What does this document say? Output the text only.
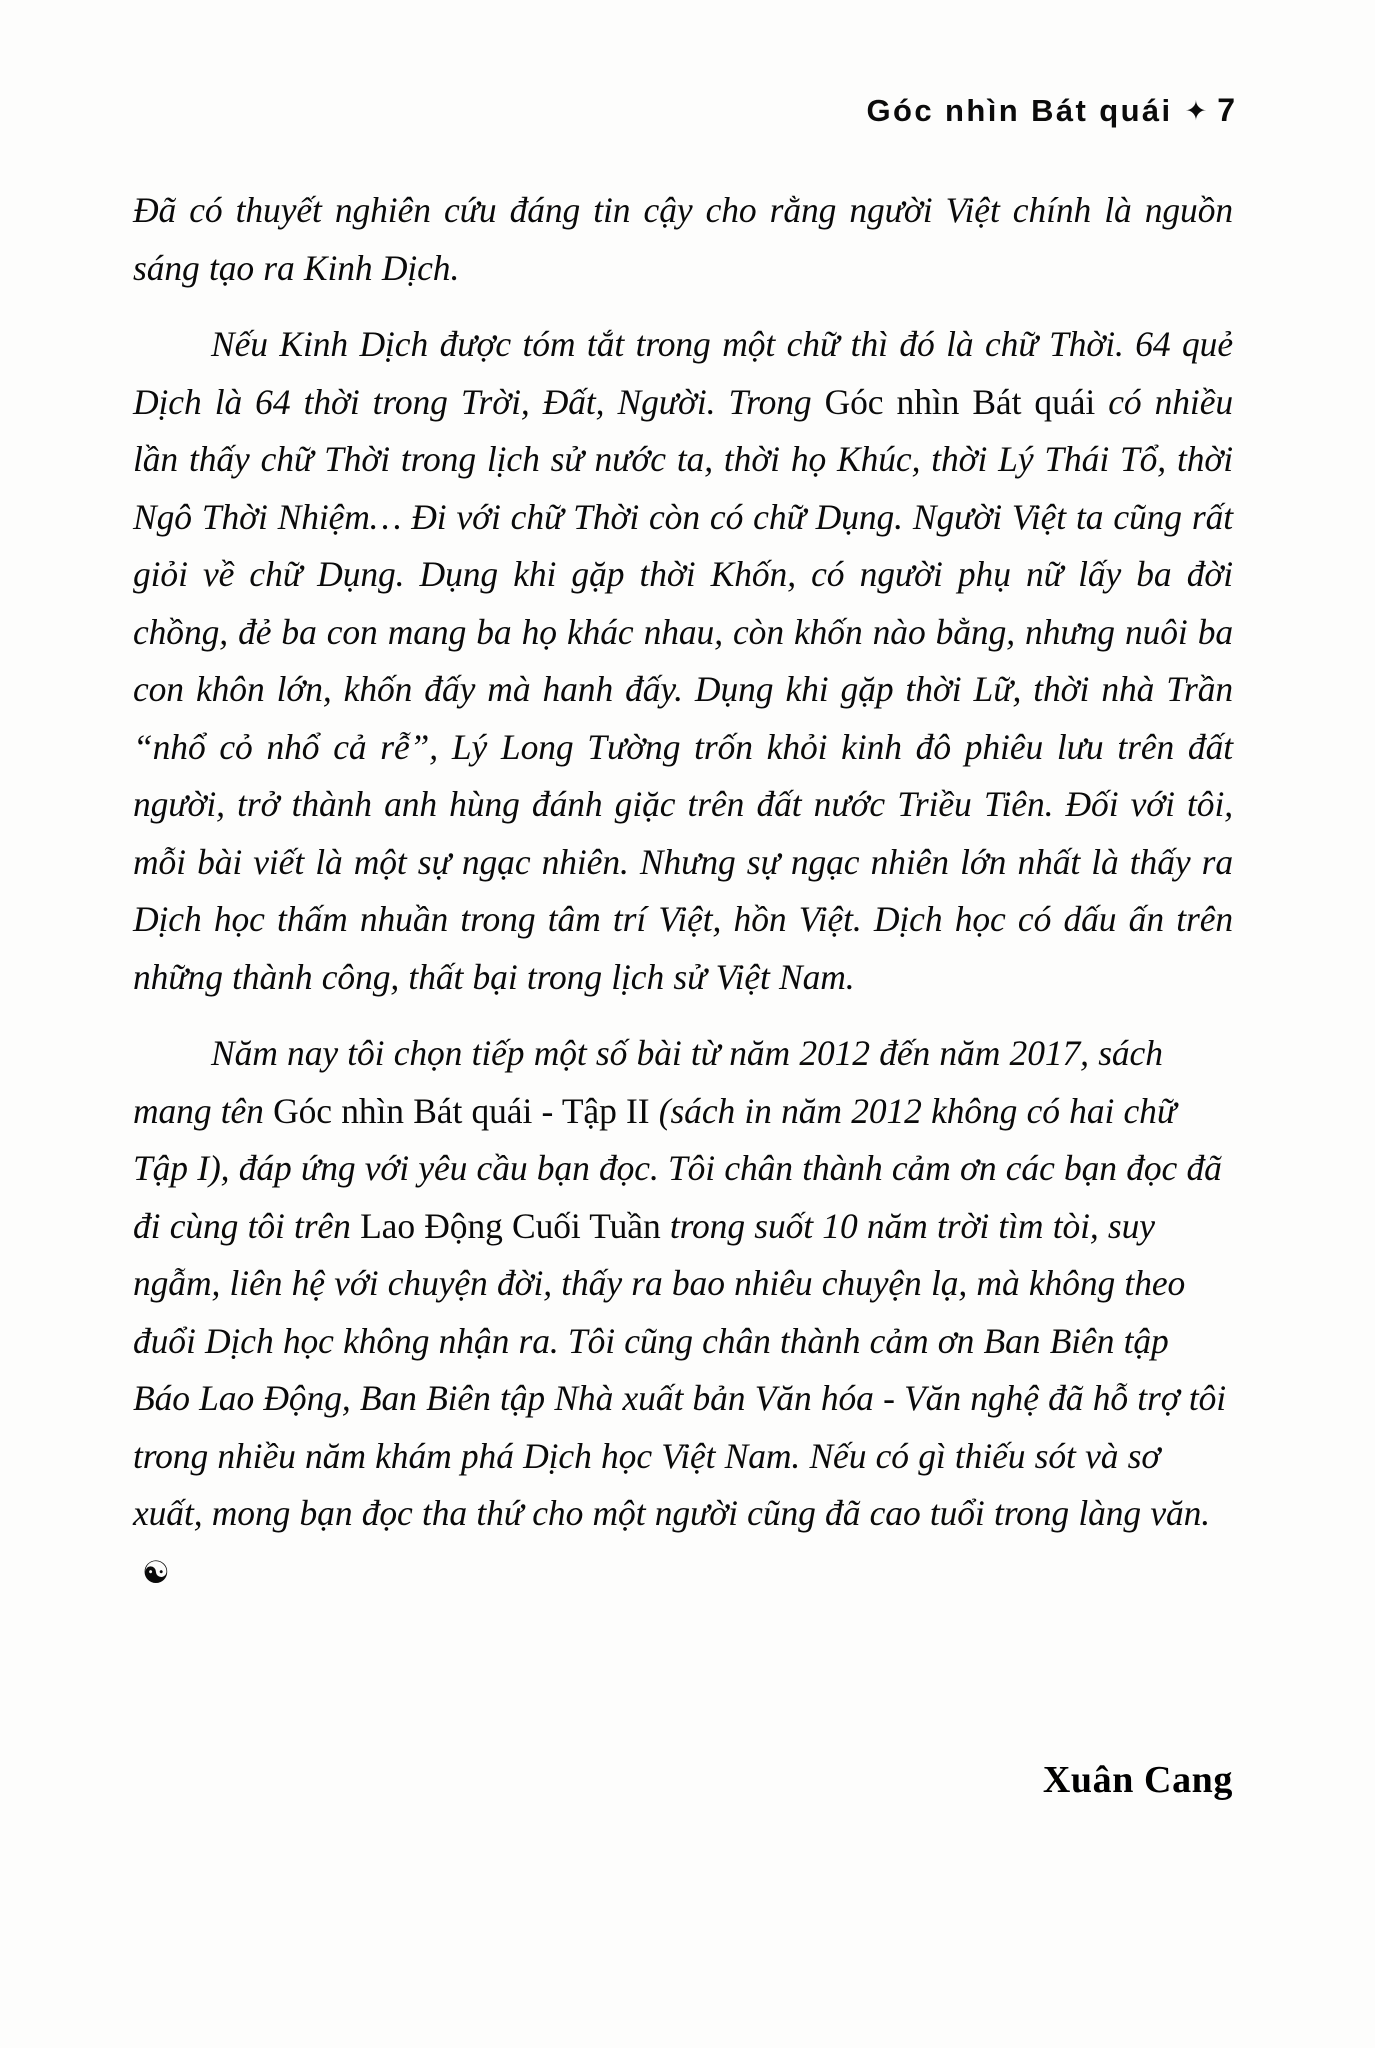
Góc nhìn Bát quái ✦ 7

Đã có thuyết nghiên cứu đáng tin cậy cho rằng người Việt chính là nguồn sáng tạo ra Kinh Dịch.

Nếu Kinh Dịch được tóm tắt trong một chữ thì đó là chữ Thời. 64 quẻ Dịch là 64 thời trong Trời, Đất, Người. Trong Góc nhìn Bát quái có nhiều lần thấy chữ Thời trong lịch sử nước ta, thời họ Khúc, thời Lý Thái Tổ, thời Ngô Thời Nhiệm… Đi với chữ Thời còn có chữ Dụng. Người Việt ta cũng rất giỏi về chữ Dụng. Dụng khi gặp thời Khốn, có người phụ nữ lấy ba đời chồng, đẻ ba con mang ba họ khác nhau, còn khốn nào bằng, nhưng nuôi ba con khôn lớn, khốn đấy mà hanh đấy. Dụng khi gặp thời Lữ, thời nhà Trần “nhổ cỏ nhổ cả rễ”, Lý Long Tường trốn khỏi kinh đô phiêu lưu trên đất người, trở thành anh hùng đánh giặc trên đất nước Triều Tiên. Đối với tôi, mỗi bài viết là một sự ngạc nhiên. Nhưng sự ngạc nhiên lớn nhất là thấy ra Dịch học thấm nhuần trong tâm trí Việt, hồn Việt. Dịch học có dấu ấn trên những thành công, thất bại trong lịch sử Việt Nam.

Năm nay tôi chọn tiếp một số bài từ năm 2012 đến năm 2017, sách mang tên Góc nhìn Bát quái - Tập II (sách in năm 2012 không có hai chữ Tập I), đáp ứng với yêu cầu bạn đọc. Tôi chân thành cảm ơn các bạn đọc đã đi cùng tôi trên Lao Động Cuối Tuần trong suốt 10 năm trời tìm tòi, suy ngẫm, liên hệ với chuyện đời, thấy ra bao nhiêu chuyện lạ, mà không theo đuổi Dịch học không nhận ra. Tôi cũng chân thành cảm ơn Ban Biên tập Báo Lao Động, Ban Biên tập Nhà xuất bản Văn hóa - Văn nghệ đã hỗ trợ tôi trong nhiều năm khám phá Dịch học Việt Nam. Nếu có gì thiếu sót và sơ xuất, mong bạn đọc tha thứ cho một người cũng đã cao tuổi trong làng văn. ☯

Xuân Cang
